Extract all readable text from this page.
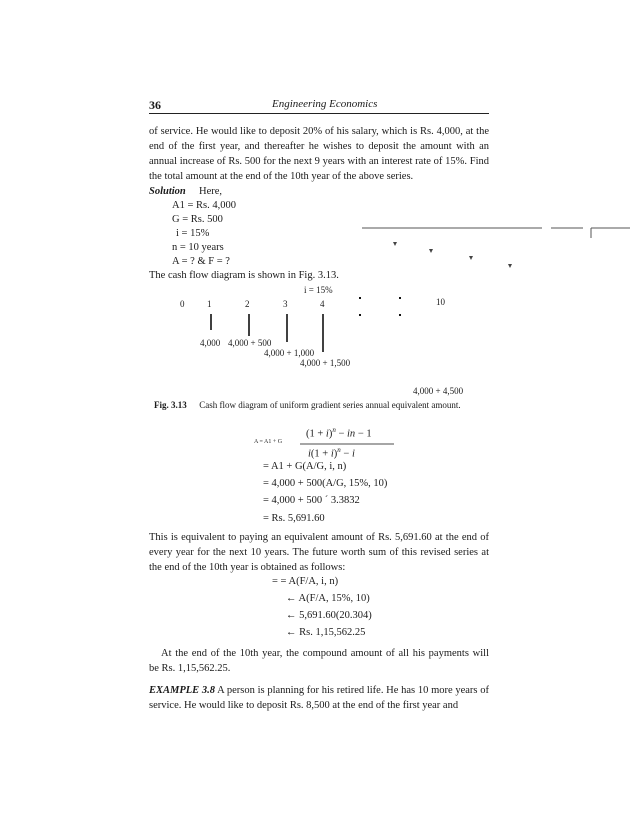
36	Engineering Economics
of service. He would like to deposit 20% of his salary, which is Rs. 4,000, at the
end of the first year, and thereafter he wishes to deposit the amount with an
annual increase of Rs. 500 for the next 9 years with an interest rate of 15%. Find
the total amount at the end of the 10th year of the above series.
Solution Here,
A1 = Rs. 4,000
G = Rs. 500
i = 15%
n = 10 years
A = ? & F = ?
The cash flow diagram is shown in Fig. 3.13.
i = 15%
0	1	2	3	4	10
4,000 4,000 + 500
4,000 + 1,000
4,000 + 1,500
4,000 + 4,500
Fig. 3.13 Cash flow diagram of uniform gradient series annual equivalent amount.
A = A1 + G
$(1 + i)^n$ − in − 1
$i(1 + i)^n - i$
= A1 + G(A/G, i, n)
= 4,000 + 500(A/G, 15%, 10)
= 4,000 + 500 ´ 3.3832
= Rs. 5,691.60
This is equivalent to paying an equivalent amount of Rs. 5,691.60 at the end of
every year for the next 10 years. The future worth sum of this revised series at
the end of the 10th year is obtained as follows:
= = A(F/A, i, n)
← A(F/A, 15%, 10)
← 5,691.60(20.304)
← Rs. 1,15,562.25
At the end of the 10th year, the compound amount of all his payments will
be Rs. 1,15,562.25.
EXAMPLE 3.8 A person is planning for his retired life. He has 10 more years of
service. He would like to deposit Rs. 8,500 at the end of the first year and
